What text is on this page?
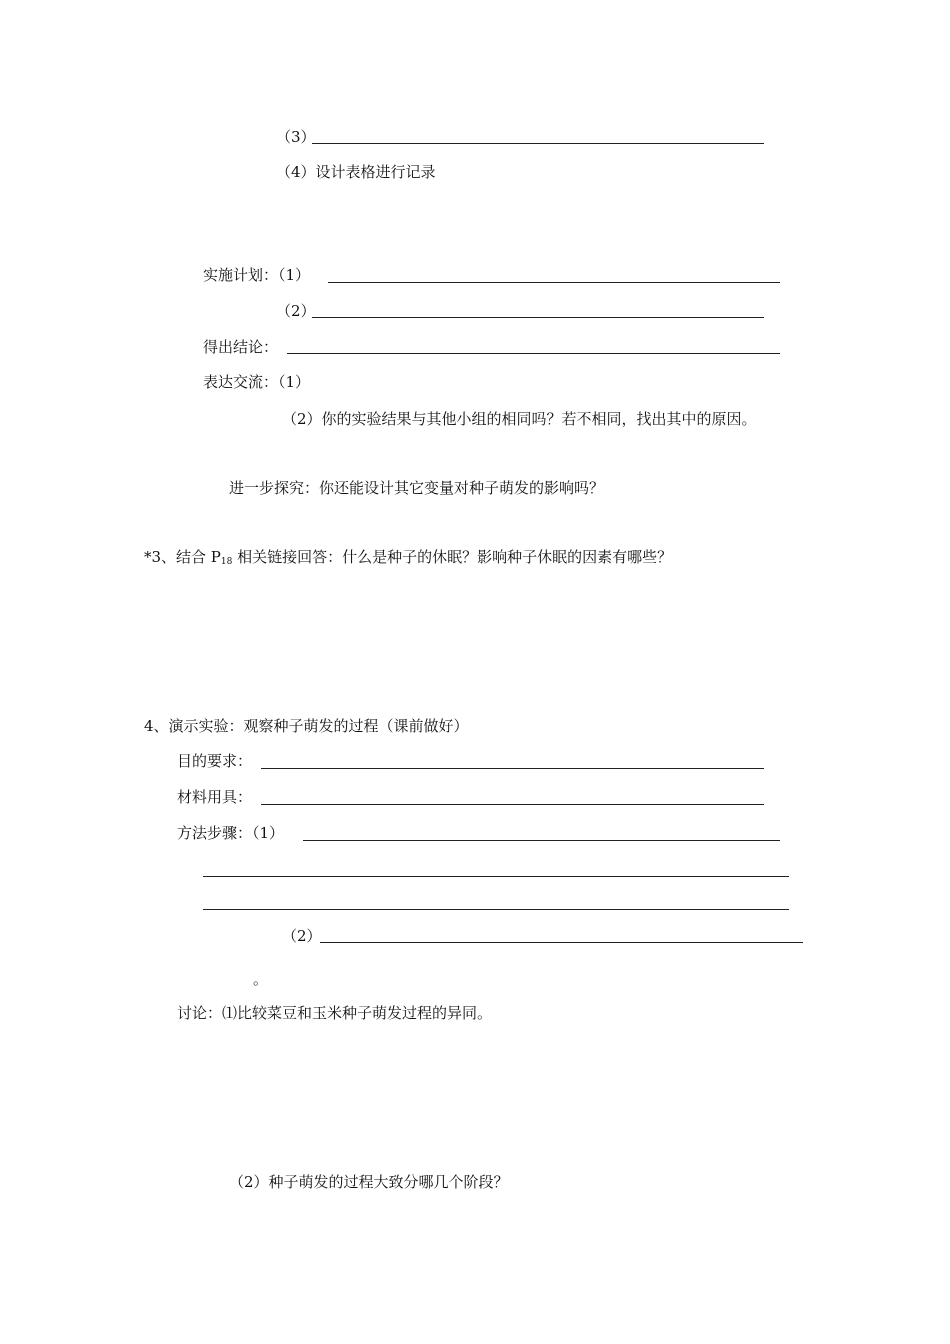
（3）
（4）设计表格进行记录
实施计划：（1）
（2）
得出结论：
表达交流：（1）
（2）你的实验结果与其他小组的相同吗？若不相同，找出其中的原因。
进一步探究：你还能设计其它变量对种子萌发的影响吗？
*3、结合 $P_{18}$ 相关链接回答：什么是种子的休眠？影响种子休眠的因素有哪些？
4、演示实验：观察种子萌发的过程（课前做好）
目的要求：
材料用具：
方法步骤：（1）
（2）
。
讨论：⑴比较菜豆和玉米种子萌发过程的异同。
（2）种子萌发的过程大致分哪几个阶段？
